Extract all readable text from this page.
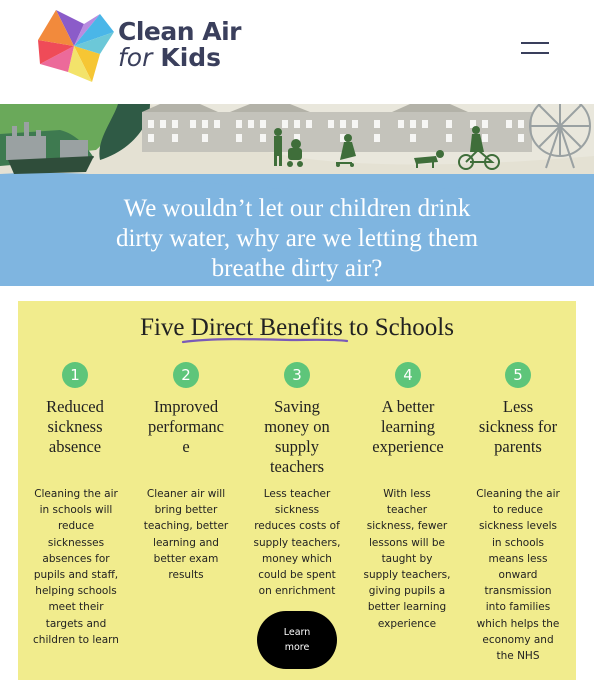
Clean Air
for Kids
We wouldn’t let our children drink
dirty water, why are we letting them
breathe dirty air?
Five Direct Benefits to Schools
1
Reduced
sickness
absence
2
Improved
performanc
e
3
Saving
money on
supply
teachers
4
A better
learning
experience
5
Less
sickness for
parents
Cleaning the air
in schools will
reduce
sicknesses
absences for
pupils and staff,
helping schools
meet their
targets and
children to learn
Cleaner air will
bring better
teaching, better
learning and
better exam
results
Less teacher
sickness
reduces costs of
supply teachers,
money which
could be spent
on enrichment
With less
teacher
sickness, fewer
lessons will be
taught by
supply teachers,
giving pupils a
better learning
experience
Cleaning the air
to reduce
sickness levels
in schools
means less
onward
transmission
into families
which helps the
economy and
the NHS
Learn
more
